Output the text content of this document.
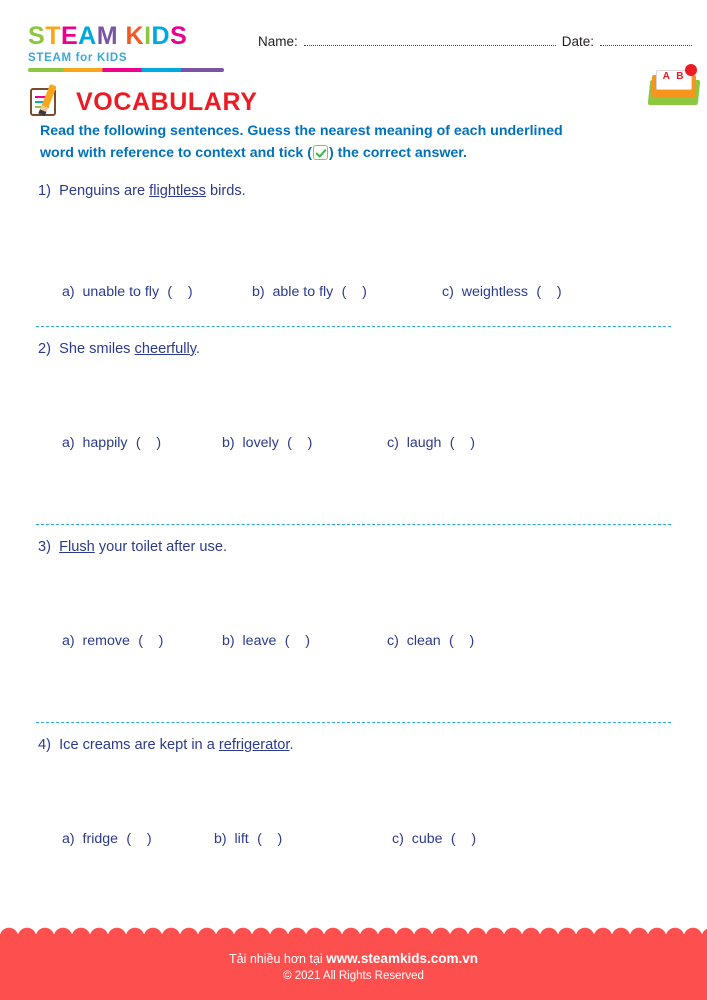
STEAM KIDS
STEAM for KIDS
Name:	Date:
VOCABULARY
A B
Read the following sentences. Guess the nearest meaning of each underlined
word with reference to context and tick ( ) the correct answer.
1) Penguins are flightless birds.
a) unable to fly (    )	b) able to fly (    )	c) weightless (    )
2) She smiles cheerfully.
a) happily (    )	b) lovely (    )	c) laugh (    )
3) Flush your toilet after use.
a) remove (    )	b) leave (    )	c) clean (    )
4) Ice creams are kept in a refrigerator.
a) fridge (    )	b) lift (    )	c) cube (    )
Tải nhiều hơn tại www.steamkids.com.vn
© 2021 All Rights Reserved
